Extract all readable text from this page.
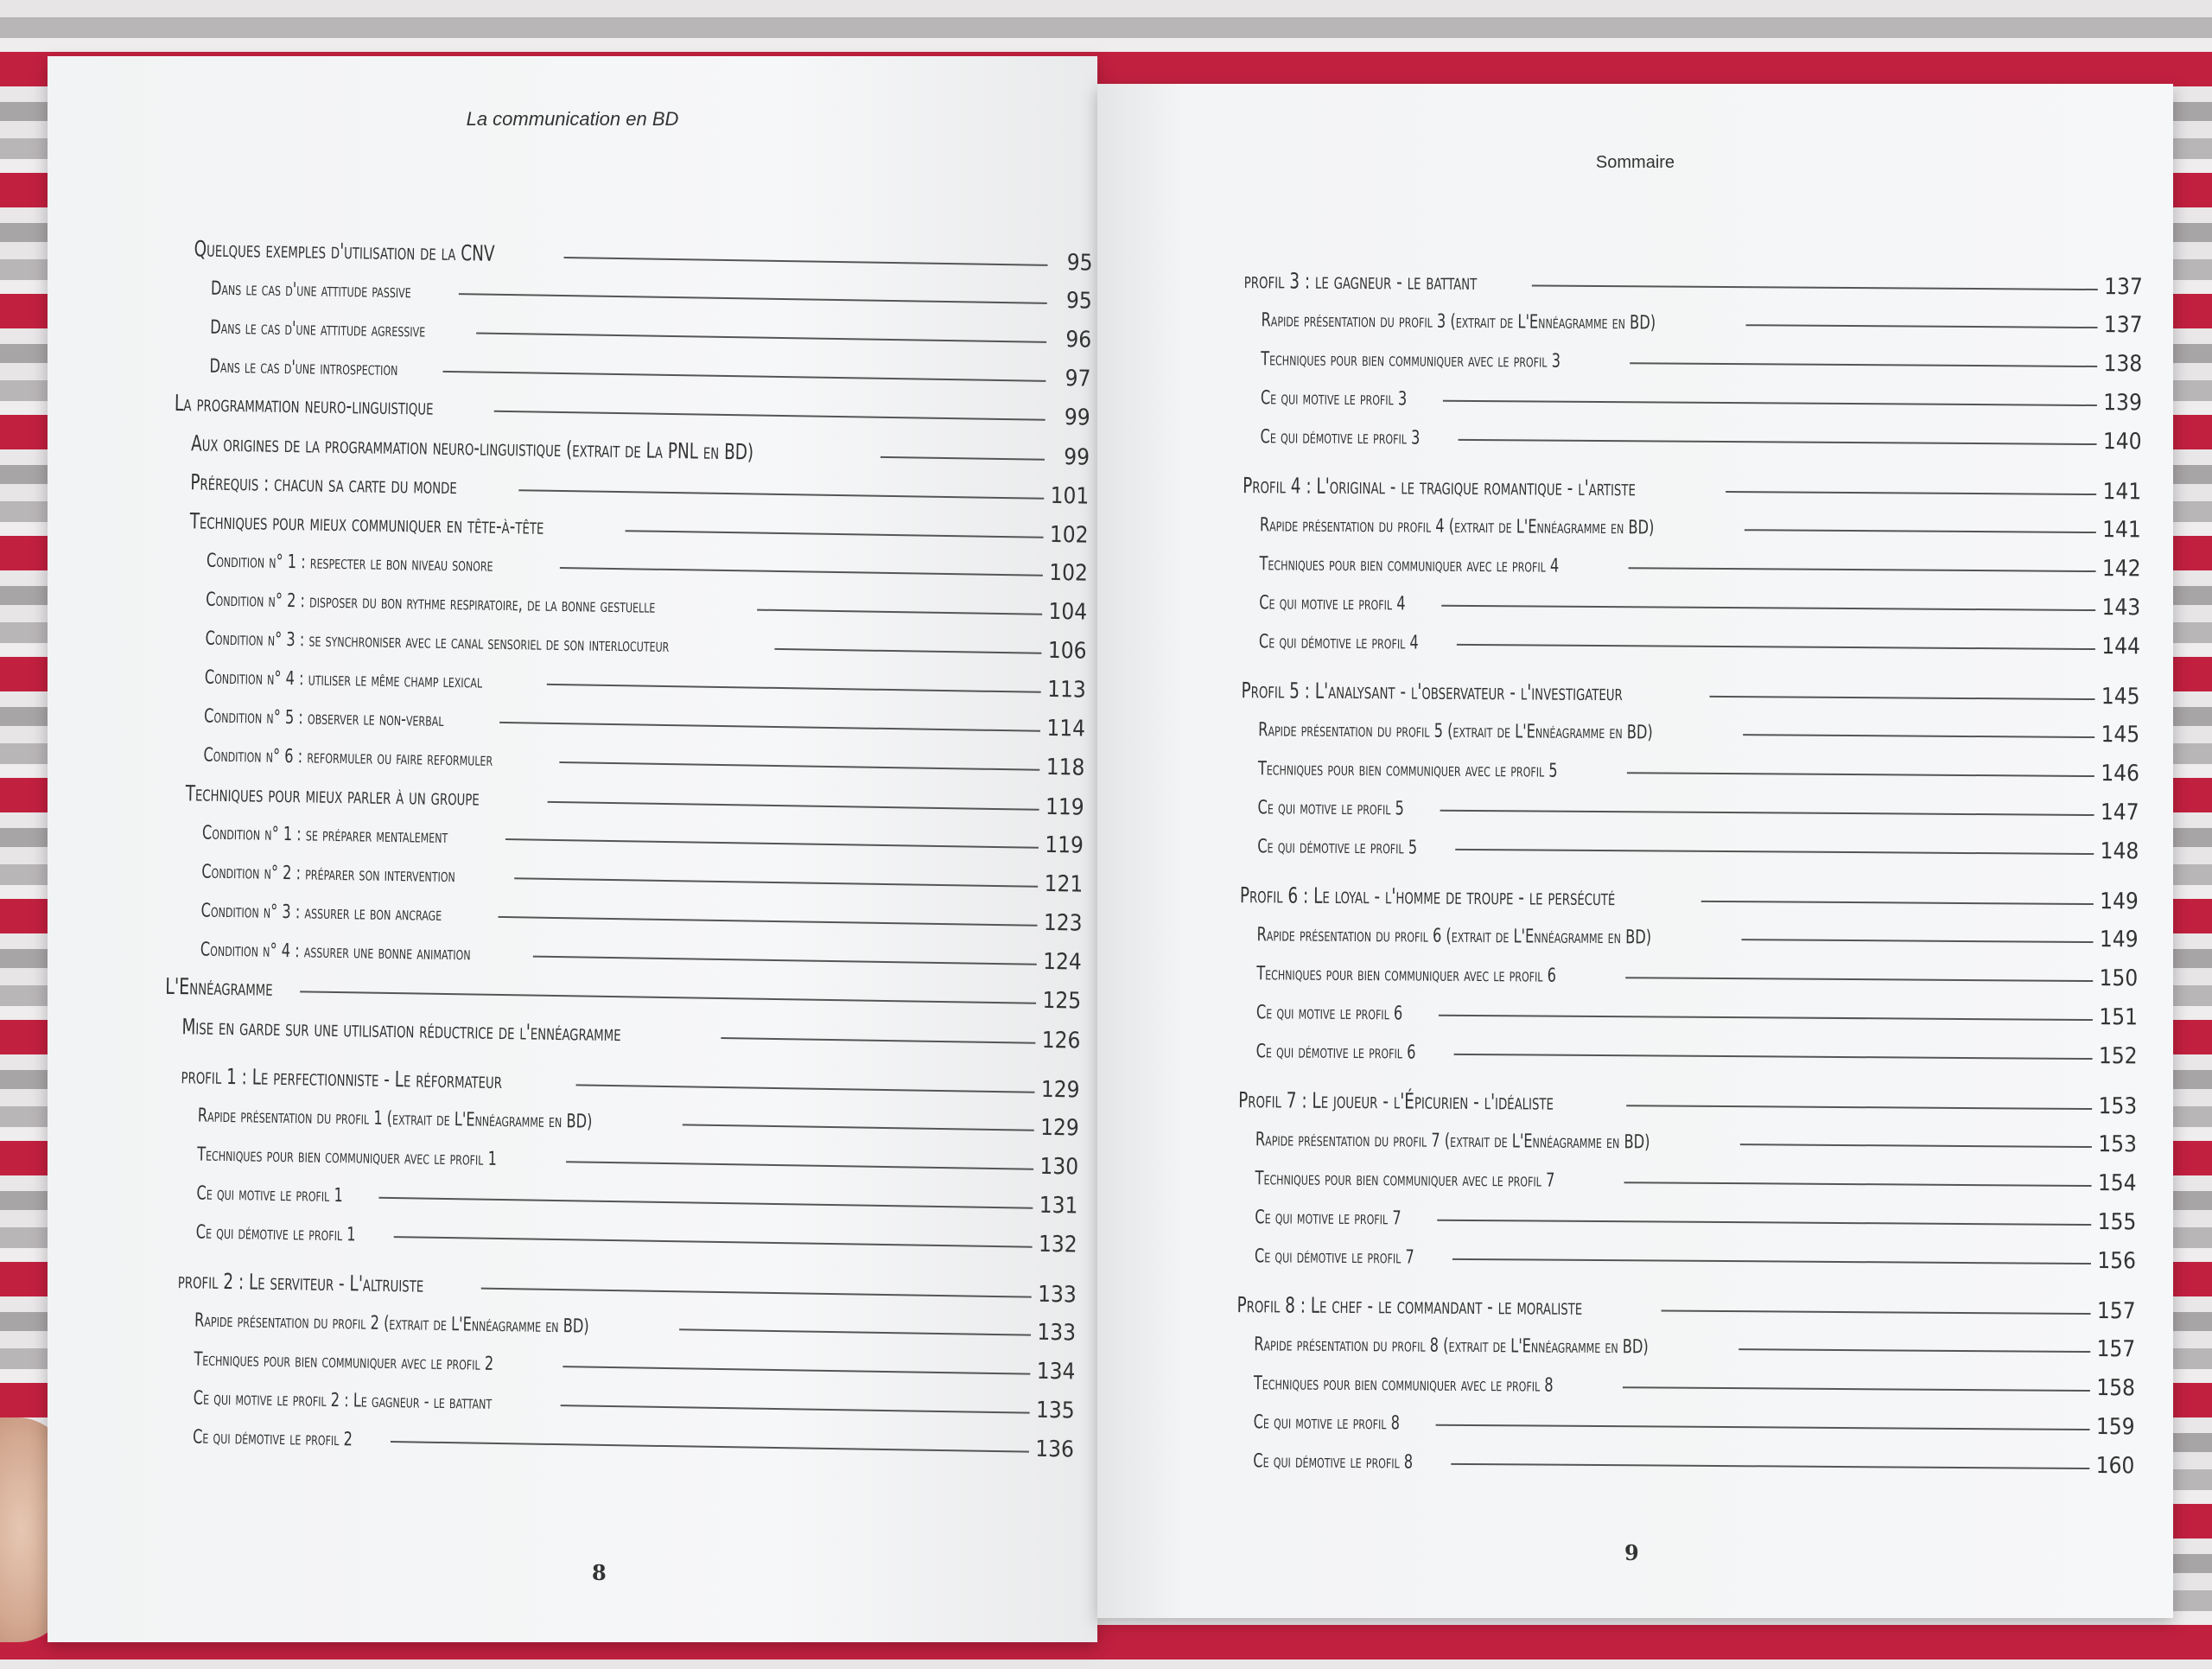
La communication en BD
Quelques exemples d'utilisation de la CNV	95
Dans le cas d'une attitude passive	95
Dans le cas d'une attitude agressive	96
Dans le cas d'une introspection	97
La programmation neuro-linguistique	99
Aux origines de la programmation neuro-linguistique (extrait de La PNL en BD)	99
Prérequis : chacun sa carte du monde	101
Techniques pour mieux communiquer en tête-à-tête	102
Condition n° 1 : respecter le bon niveau sonore	102
Condition n° 2 : disposer du bon rythme respiratoire, de la bonne gestuelle	104
Condition n° 3 : se synchroniser avec le canal sensoriel de son interlocuteur	106
Condition n° 4 : utiliser le même champ lexical	113
Condition n° 5 : observer le non-verbal	114
Condition n° 6 : reformuler ou faire reformuler	118
Techniques pour mieux parler à un groupe	119
Condition n° 1 : se préparer mentalement	119
Condition n° 2 : préparer son intervention	121
Condition n° 3 : assurer le bon ancrage	123
Condition n° 4 : assurer une bonne animation	124
L'Ennéagramme	125
Mise en garde sur une utilisation réductrice de l'ennéagramme	126
profil 1 : Le perfectionniste - Le réformateur	129
Rapide présentation du profil 1 (extrait de L'Ennéagramme en BD)	129
Techniques pour bien communiquer avec le profil 1	130
Ce qui motive le profil 1	131
Ce qui démotive le profil 1	132
profil 2 : Le serviteur - L'altruiste	133
Rapide présentation du profil 2 (extrait de L'Ennéagramme en BD)	133
Techniques pour bien communiquer avec le profil 2	134
Ce qui motive le profil 2 : Le gagneur - le battant	135
Ce qui démotive le profil 2	136
8
Sommaire
profil 3 : le gagneur - le battant	137
Rapide présentation du profil 3 (extrait de L'Ennéagramme en BD)	137
Techniques pour bien communiquer avec le profil 3	138
Ce qui motive le profil 3	139
Ce qui démotive le profil 3	140
Profil 4 : L'original - le tragique romantique - l'artiste	141
Rapide présentation du profil 4 (extrait de L'Ennéagramme en BD)	141
Techniques pour bien communiquer avec le profil 4	142
Ce qui motive le profil 4	143
Ce qui démotive le profil 4	144
Profil 5 : L'analysant - l'observateur - l'investigateur	145
Rapide présentation du profil 5 (extrait de L'Ennéagramme en BD)	145
Techniques pour bien communiquer avec le profil 5	146
Ce qui motive le profil 5	147
Ce qui démotive le profil 5	148
Profil 6 : Le loyal - l'homme de troupe - le persécuté	149
Rapide présentation du profil 6 (extrait de L'Ennéagramme en BD)	149
Techniques pour bien communiquer avec le profil 6	150
Ce qui motive le profil 6	151
Ce qui démotive le profil 6	152
Profil 7 : Le joueur - l'Épicurien - l'idéaliste	153
Rapide présentation du profil 7 (extrait de L'Ennéagramme en BD)	153
Techniques pour bien communiquer avec le profil 7	154
Ce qui motive le profil 7	155
Ce qui démotive le profil 7	156
Profil 8 : Le chef - le commandant - le moraliste	157
Rapide présentation du profil 8 (extrait de L'Ennéagramme en BD)	157
Techniques pour bien communiquer avec le profil 8	158
Ce qui motive le profil 8	159
Ce qui démotive le profil 8	160
9
